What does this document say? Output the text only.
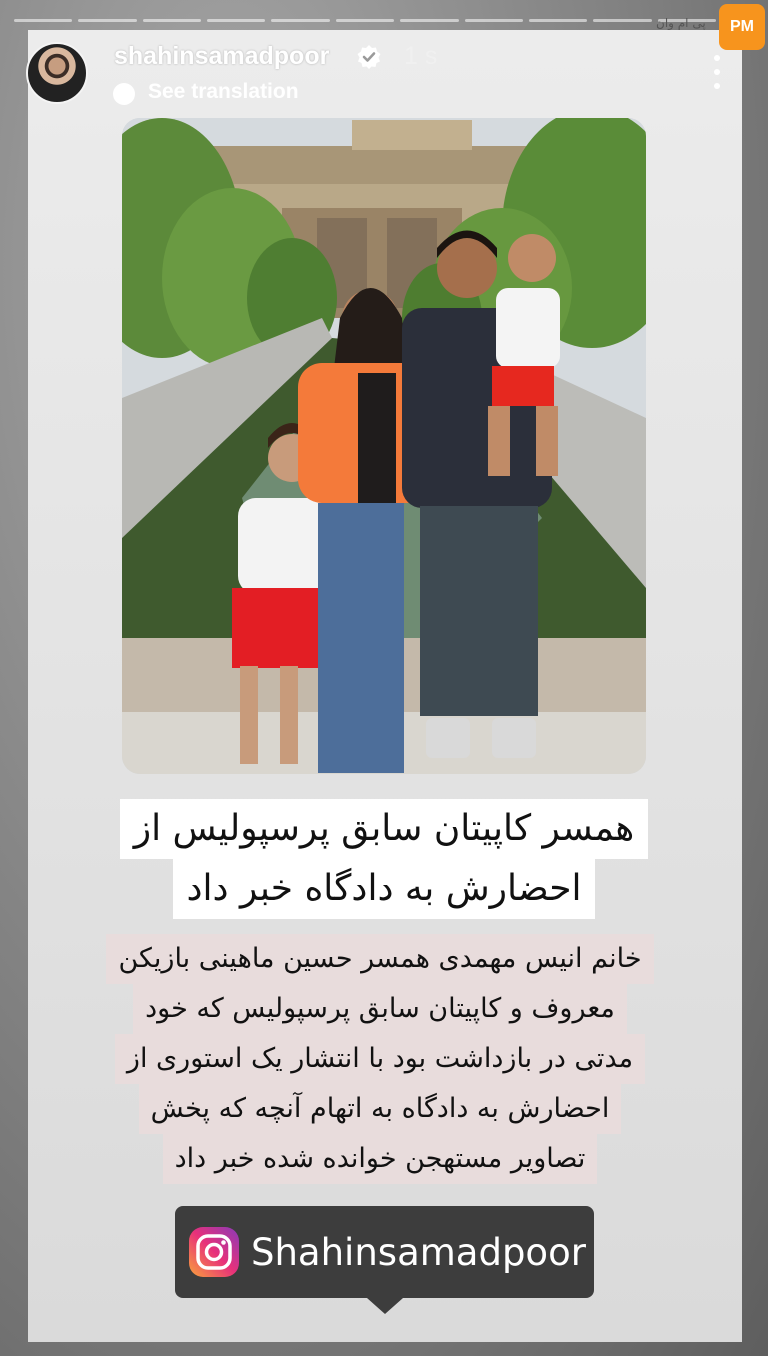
پی ام وان PM
shahinsamadpoor	1 s
See translation
همسر کاپیتان سابق پرسپولیس از
احضارش به دادگاه خبر داد
خانم انیس مهمدی همسر حسین ماهینی بازیکن
معروف و کاپیتان سابق پرسپولیس که خود
مدتی در بازداشت بود با انتشار یک استوری از
احضارش به دادگاه به اتهام آنچه که پخش
تصاویر مستهجن خوانده شده خبر داد
Shahinsamadpoor
